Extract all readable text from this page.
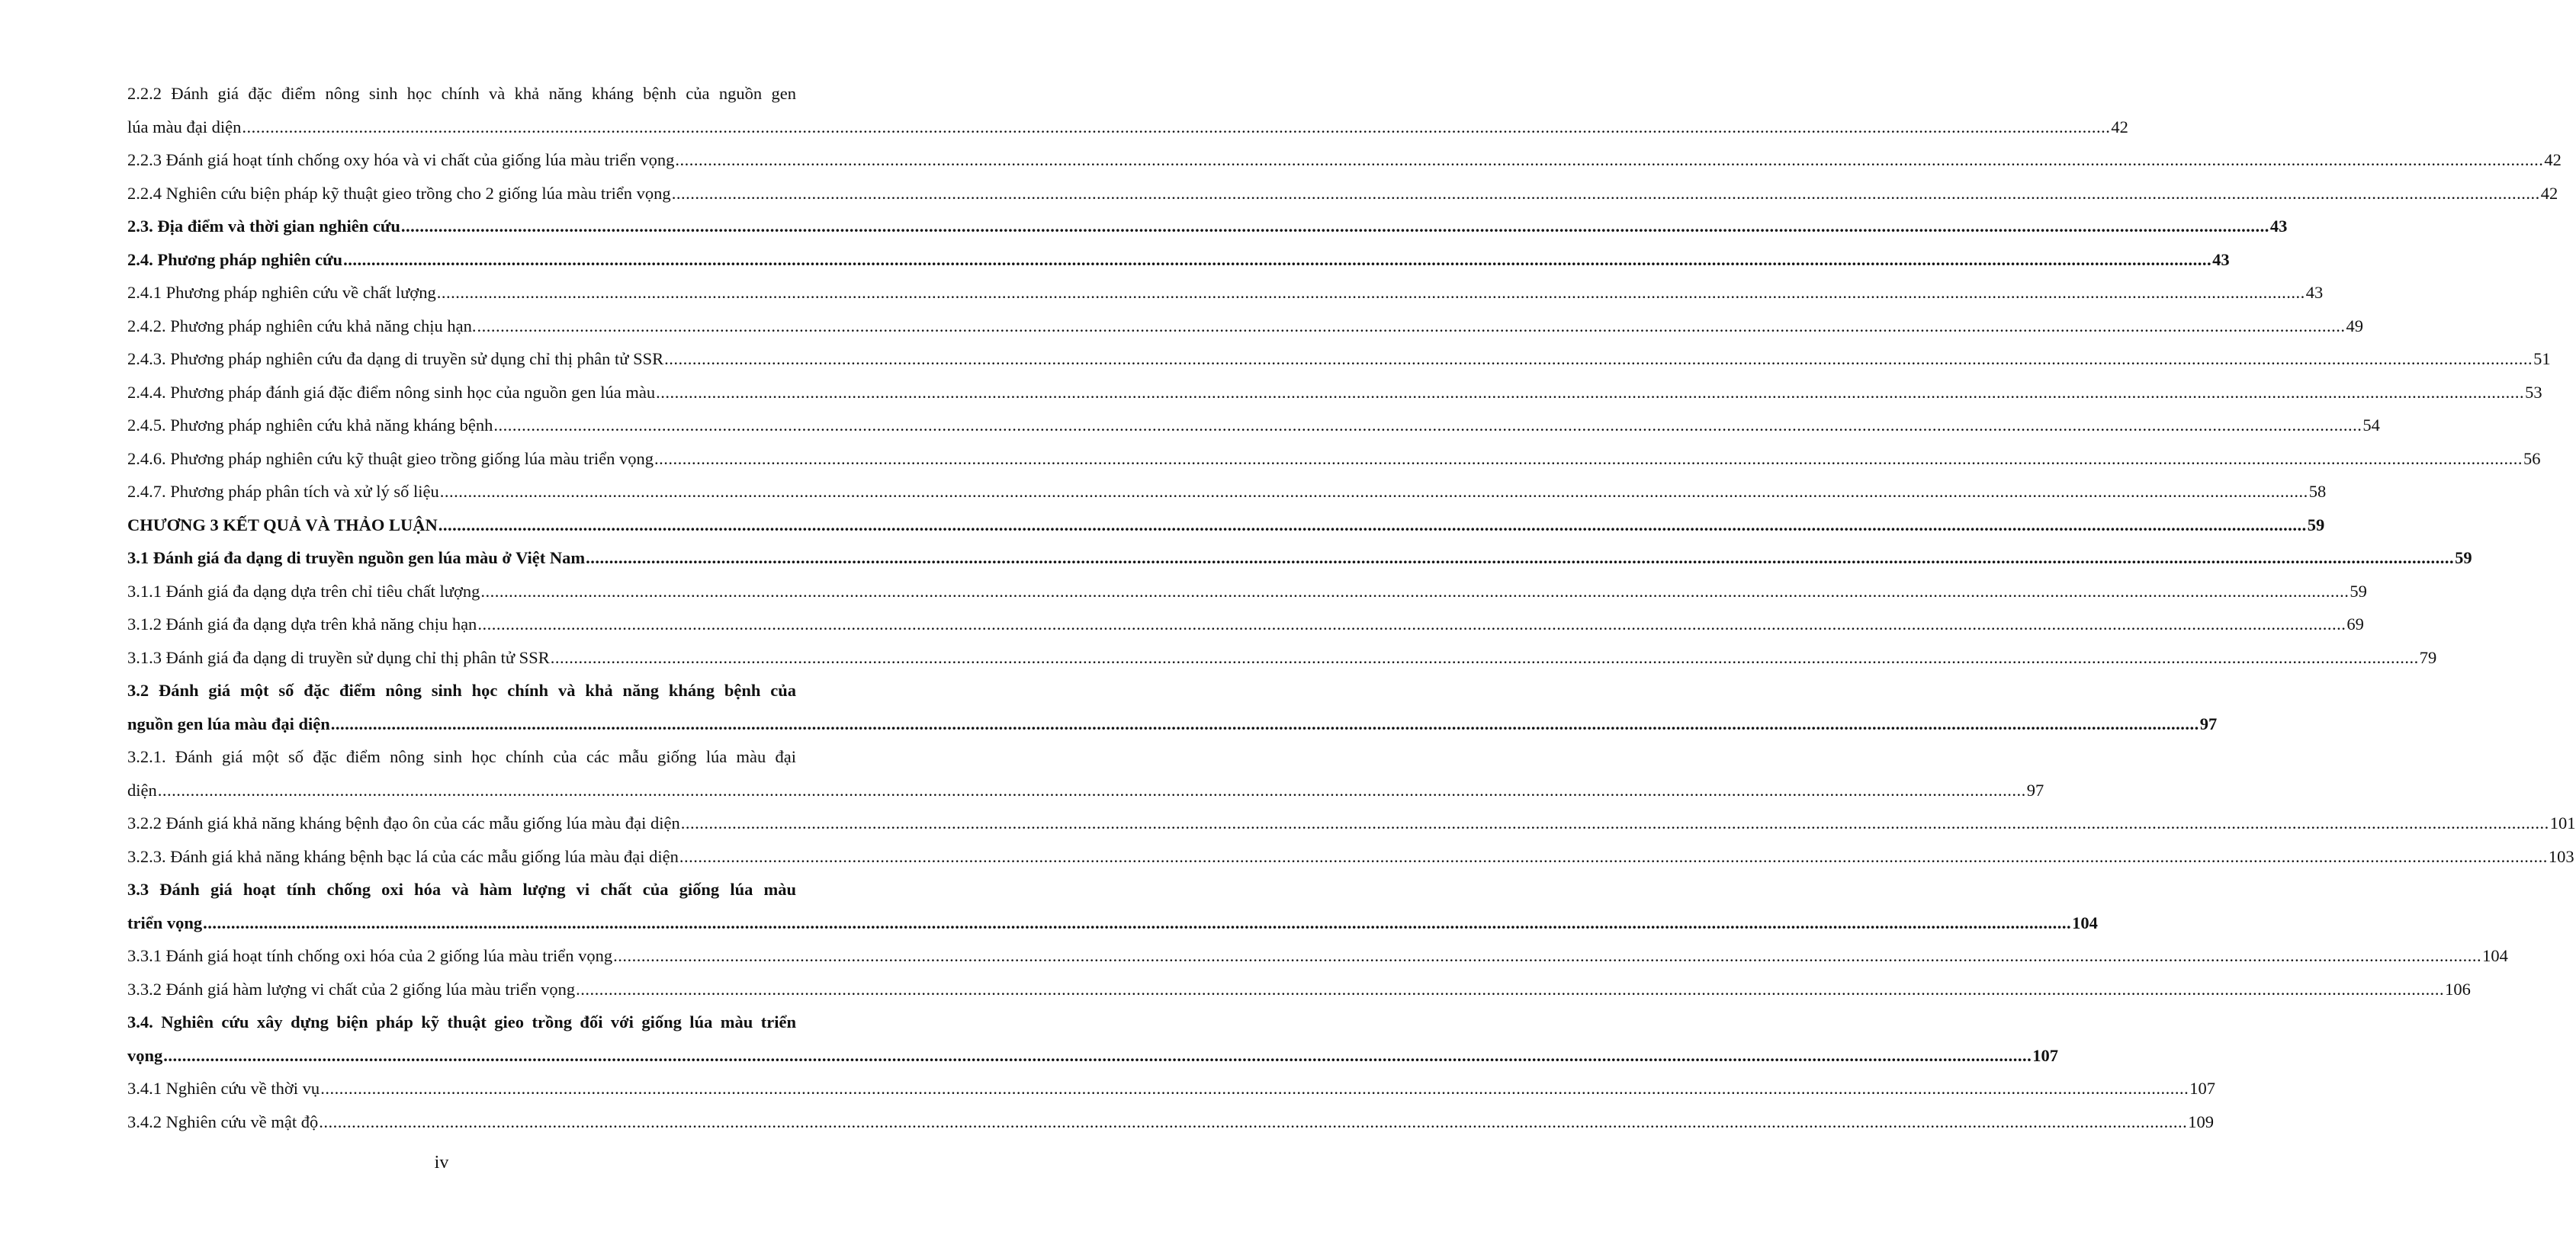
2.2.2 Đánh giá đặc điểm nông sinh học chính và khả năng kháng bệnh của nguồn gen
lúa màu đại diện ................................................................................................................................................................................................................................................................................................................................................................................................................ 42
2.2.3 Đánh giá hoạt tính chống oxy hóa và vi chất của giống lúa màu triển vọng ................................................................................................................................................................................................................................................................................................................................................................................................................ 42
2.2.4 Nghiên cứu biện pháp kỹ thuật gieo trồng cho 2 giống lúa màu triển vọng ................................................................................................................................................................................................................................................................................................................................................................................................................ 42
2.3. Địa điểm và thời gian nghiên cứu ................................................................................................................................................................................................................................................................................................................................................................................................................ 43
2.4. Phương pháp nghiên cứu ................................................................................................................................................................................................................................................................................................................................................................................................................ 43
2.4.1 Phương pháp nghiên cứu về chất lượng ................................................................................................................................................................................................................................................................................................................................................................................................................ 43
2.4.2. Phương pháp nghiên cứu khả năng chịu hạn. ................................................................................................................................................................................................................................................................................................................................................................................................................ 49
2.4.3. Phương pháp nghiên cứu đa dạng di truyền sử dụng chỉ thị phân tử SSR ................................................................................................................................................................................................................................................................................................................................................................................................................ 51
2.4.4. Phương pháp đánh giá đặc điểm nông sinh học của nguồn gen lúa màu ................................................................................................................................................................................................................................................................................................................................................................................................................ 53
2.4.5. Phương pháp nghiên cứu khả năng kháng bệnh ................................................................................................................................................................................................................................................................................................................................................................................................................ 54
2.4.6. Phương pháp nghiên cứu kỹ thuật gieo trồng giống lúa màu triển vọng ................................................................................................................................................................................................................................................................................................................................................................................................................ 56
2.4.7. Phương pháp phân tích và xử lý số liệu ................................................................................................................................................................................................................................................................................................................................................................................................................ 58
CHƯƠNG 3 KẾT QUẢ VÀ THẢO LUẬN ................................................................................................................................................................................................................................................................................................................................................................................................................ 59
3.1 Đánh giá đa dạng di truyền nguồn gen lúa màu ở Việt Nam ................................................................................................................................................................................................................................................................................................................................................................................................................ 59
3.1.1 Đánh giá đa dạng dựa trên chỉ tiêu chất lượng ................................................................................................................................................................................................................................................................................................................................................................................................................ 59
3.1.2 Đánh giá đa dạng dựa trên khả năng chịu hạn ................................................................................................................................................................................................................................................................................................................................................................................................................ 69
3.1.3 Đánh giá đa dạng di truyền sử dụng chỉ thị phân tử SSR ................................................................................................................................................................................................................................................................................................................................................................................................................ 79
3.2 Đánh giá một số đặc điểm nông sinh học chính và khả năng kháng bệnh của
nguồn gen lúa màu đại diện ................................................................................................................................................................................................................................................................................................................................................................................................................ 97
3.2.1. Đánh giá một số đặc điểm nông sinh học chính của các mẫu giống lúa màu đại
diện ................................................................................................................................................................................................................................................................................................................................................................................................................ 97
3.2.2 Đánh giá khả năng kháng bệnh đạo ôn của các mẫu giống lúa màu đại diện ................................................................................................................................................................................................................................................................................................................................................................................................................ 101
3.2.3. Đánh giá khả năng kháng bệnh bạc lá của các mẫu giống lúa màu đại diện ................................................................................................................................................................................................................................................................................................................................................................................................................ 103
3.3 Đánh giá hoạt tính chống oxi hóa và hàm lượng vi chất của giống lúa màu
triển vọng ................................................................................................................................................................................................................................................................................................................................................................................................................ 104
3.3.1 Đánh giá hoạt tính chống oxi hóa của 2 giống lúa màu triển vọng ................................................................................................................................................................................................................................................................................................................................................................................................................ 104
3.3.2 Đánh giá hàm lượng vi chất của 2 giống lúa màu triển vọng ................................................................................................................................................................................................................................................................................................................................................................................................................ 106
3.4. Nghiên cứu xây dựng biện pháp kỹ thuật gieo trồng đối với giống lúa màu triển
vọng ................................................................................................................................................................................................................................................................................................................................................................................................................ 107
3.4.1 Nghiên cứu về thời vụ ................................................................................................................................................................................................................................................................................................................................................................................................................ 107
3.4.2 Nghiên cứu về mật độ ................................................................................................................................................................................................................................................................................................................................................................................................................ 109
iv
